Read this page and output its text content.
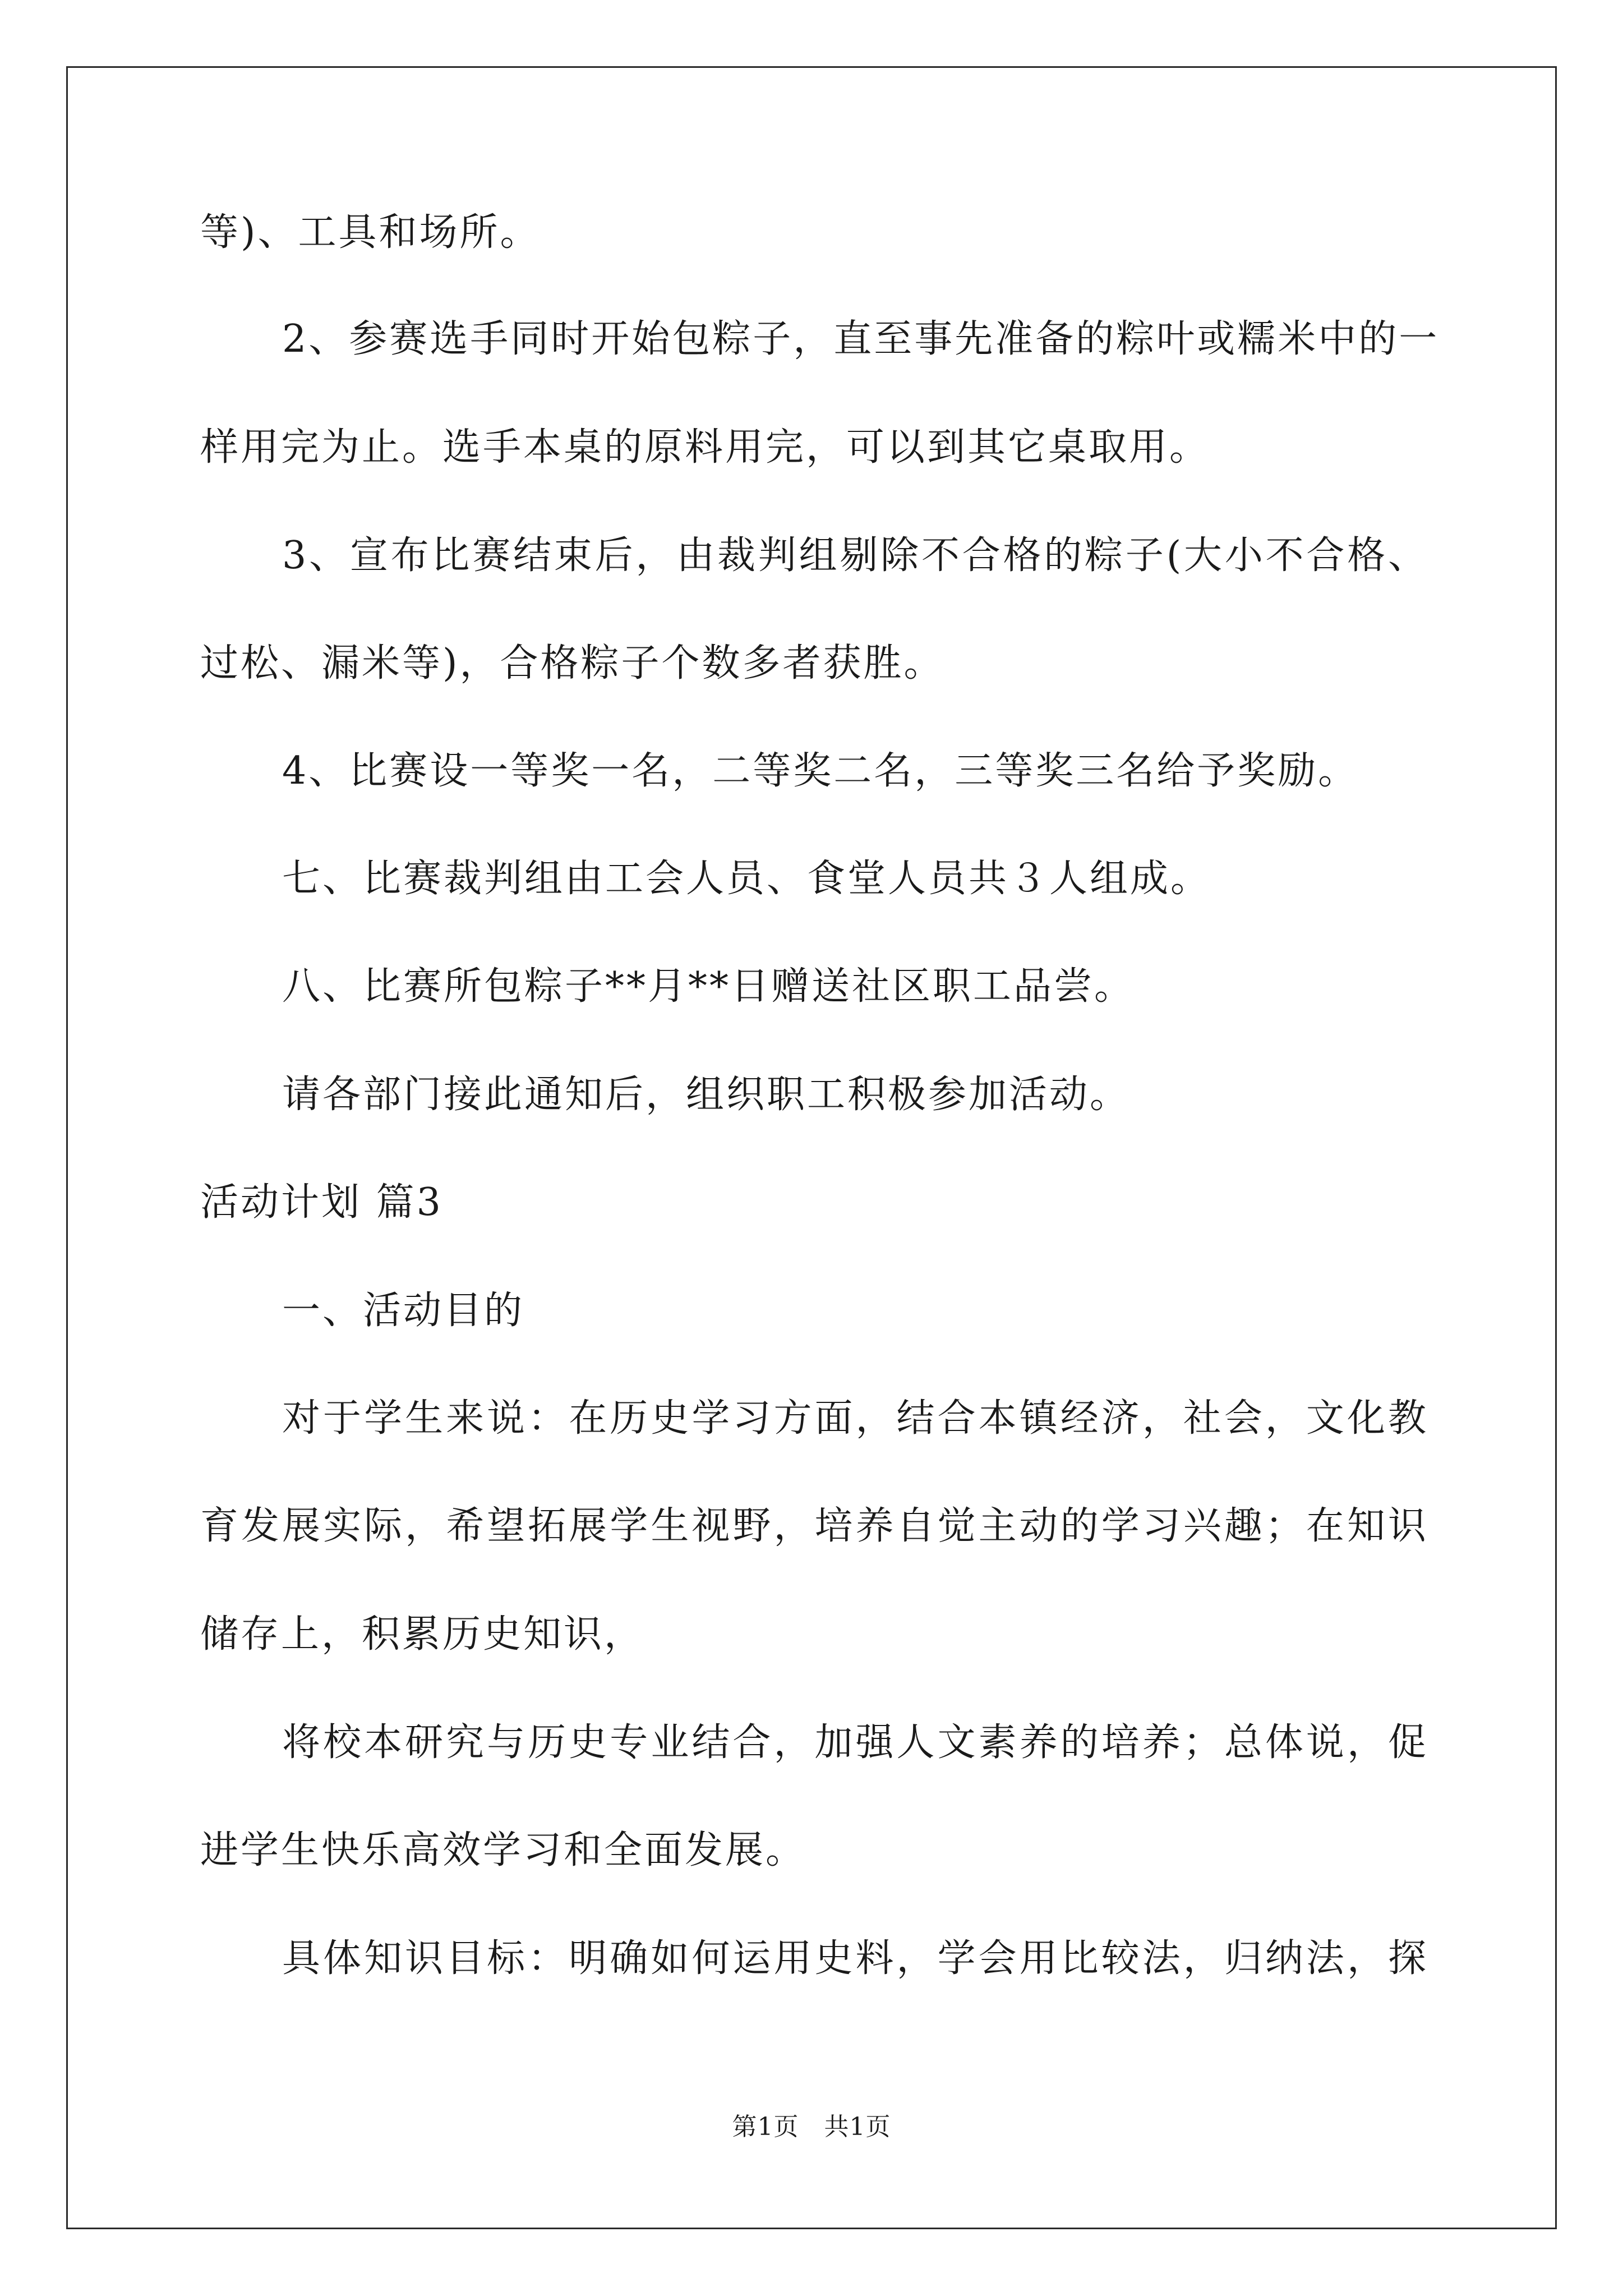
等)、工具和场所。
2、参赛选手同时开始包粽子，直至事先准备的粽叶或糯米中的一
样用完为止。选手本桌的原料用完，可以到其它桌取用。
3、宣布比赛结束后，由裁判组剔除不合格的粽子(大小不合格、
过松、漏米等)，合格粽子个数多者获胜。
4、比赛设一等奖一名，二等奖二名，三等奖三名给予奖励。
七、比赛裁判组由工会人员、食堂人员共３人组成。
八、比赛所包粽子**月**日赠送社区职工品尝。
请各部门接此通知后，组织职工积极参加活动。
活动计划 篇3
一、活动目的
对于学生来说：在历史学习方面，结合本镇经济，社会，文化教
育发展实际，希望拓展学生视野，培养自觉主动的学习兴趣；在知识
储存上，积累历史知识，
将校本研究与历史专业结合，加强人文素养的培养；总体说，促
进学生快乐高效学习和全面发展。
具体知识目标：明确如何运用史料，学会用比较法，归纳法，探
第1页 共1页
